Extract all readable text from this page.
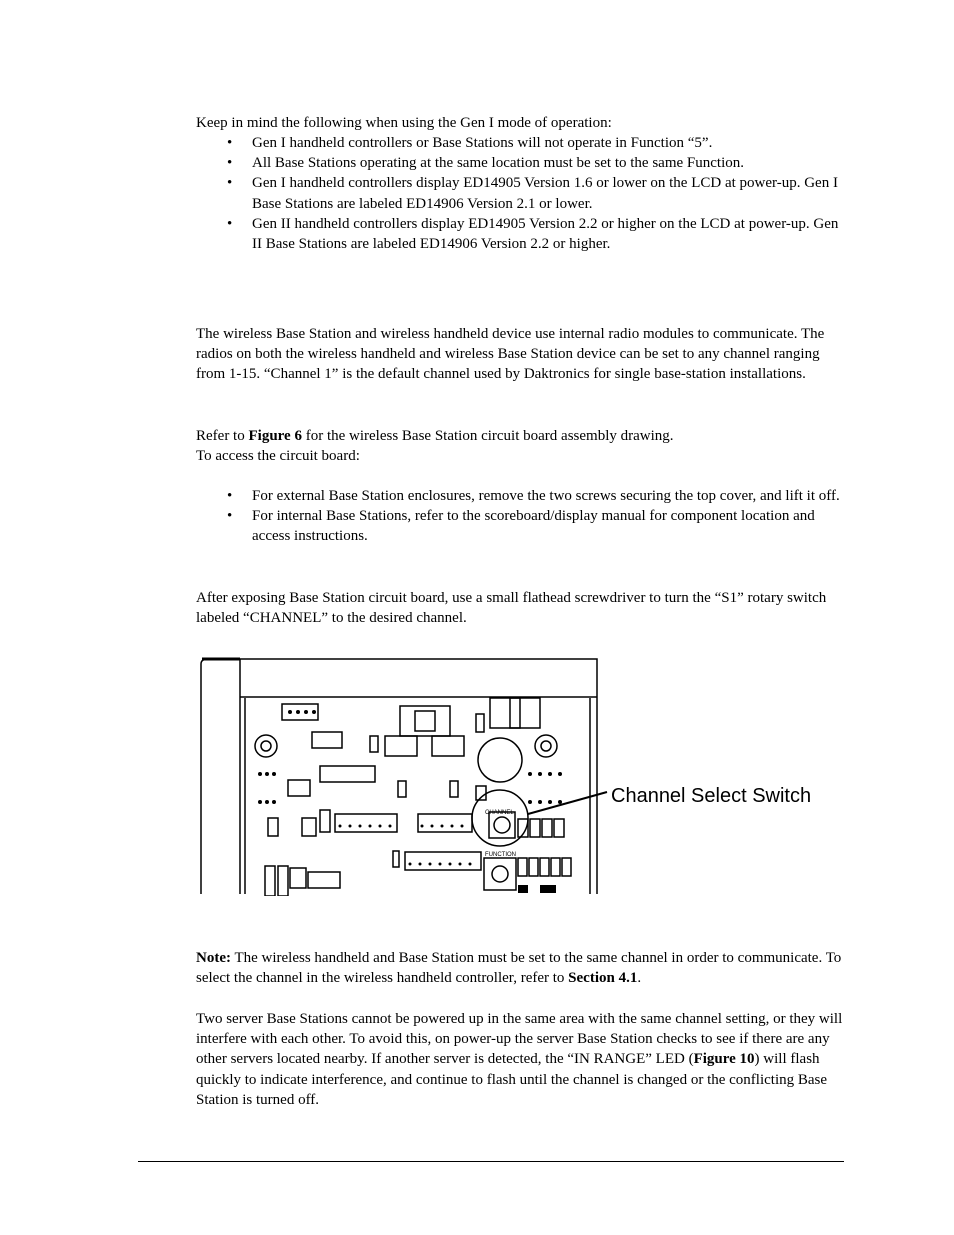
Keep in mind the following when using the Gen I mode of operation:

• Gen I handheld controllers or Base Stations will not operate in Function “5”.
• All Base Stations operating at the same location must be set to the same Function.
• Gen I handheld controllers display ED14905 Version 1.6 or lower on the LCD at power-up. Gen I Base Stations are labeled ED14906 Version 2.1 or lower.
• Gen II handheld controllers display ED14905 Version 2.2 or higher on the LCD at power-up. Gen II Base Stations are labeled ED14906 Version 2.2 or higher.

The wireless Base Station and wireless handheld device use internal radio modules to communicate. The radios on both the wireless handheld and wireless Base Station device can be set to any channel ranging from 1-15. “Channel 1” is the default channel used by Daktronics for single base-station installations.

Refer to Figure 6 for the wireless Base Station circuit board assembly drawing.
To access the circuit board:

• For external Base Station enclosures, remove the two screws securing the top cover, and lift it off.
• For internal Base Stations, refer to the scoreboard/display manual for component location and access instructions.

After exposing Base Station circuit board, use a small flathead screwdriver to turn the “S1” rotary switch labeled “CHANNEL” to the desired channel.

CHANNEL
FUNCTION
Channel Select Switch

Note: The wireless handheld and Base Station must be set to the same channel in order to communicate. To select the channel in the wireless handheld controller, refer to Section 4.1.

Two server Base Stations cannot be powered up in the same area with the same channel setting, or they will interfere with each other. To avoid this, on power-up the server Base Station checks to see if there are any other servers located nearby. If another server is detected, the “IN RANGE” LED (Figure 10) will flash quickly to indicate interference, and continue to flash until the channel is changed or the conflicting Base Station is turned off.
